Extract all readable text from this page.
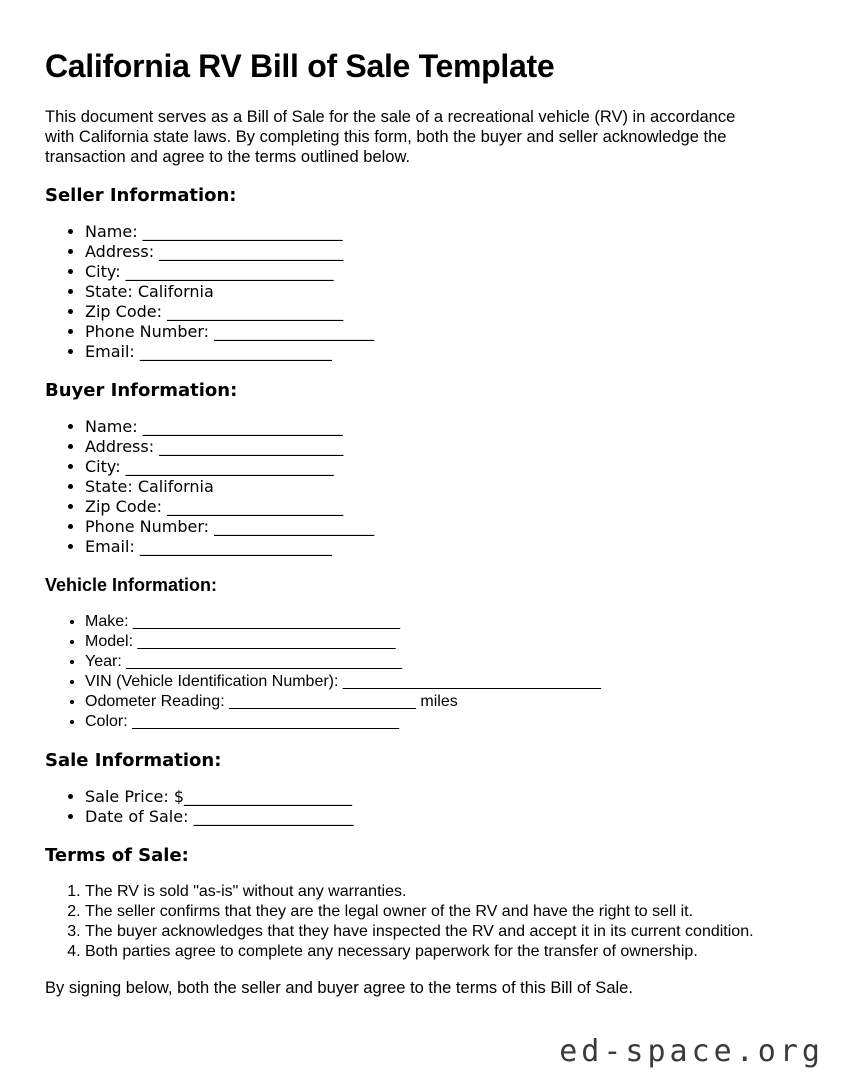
California RV Bill of Sale Template

This document serves as a Bill of Sale for the sale of a recreational vehicle (RV) in accordance with California state laws. By completing this form, both the buyer and seller acknowledge the transaction and agree to the terms outlined below.

Seller Information:
• Name: _________________________
• Address: _______________________
• City: __________________________
• State: California
• Zip Code: ______________________
• Phone Number: ____________________
• Email: ________________________
Buyer Information:
• Name: _________________________
• Address: _______________________
• City: __________________________
• State: California
• Zip Code: ______________________
• Phone Number: ____________________
• Email: ________________________
Vehicle Information:
• Make: ______________________________
• Model: _____________________________
• Year: _______________________________
• VIN (Vehicle Identification Number): _____________________________
• Odometer Reading: _____________________ miles
• Color: ______________________________
Sale Information:
• Sale Price: $_____________________
• Date of Sale: ____________________
Terms of Sale:
1. The RV is sold "as-is" without any warranties.
2. The seller confirms that they are the legal owner of the RV and have the right to sell it.
3. The buyer acknowledges that they have inspected the RV and accept it in its current condition.
4. Both parties agree to complete any necessary paperwork for the transfer of ownership.

By signing below, both the seller and buyer agree to the terms of this Bill of Sale.

ed-space.org
